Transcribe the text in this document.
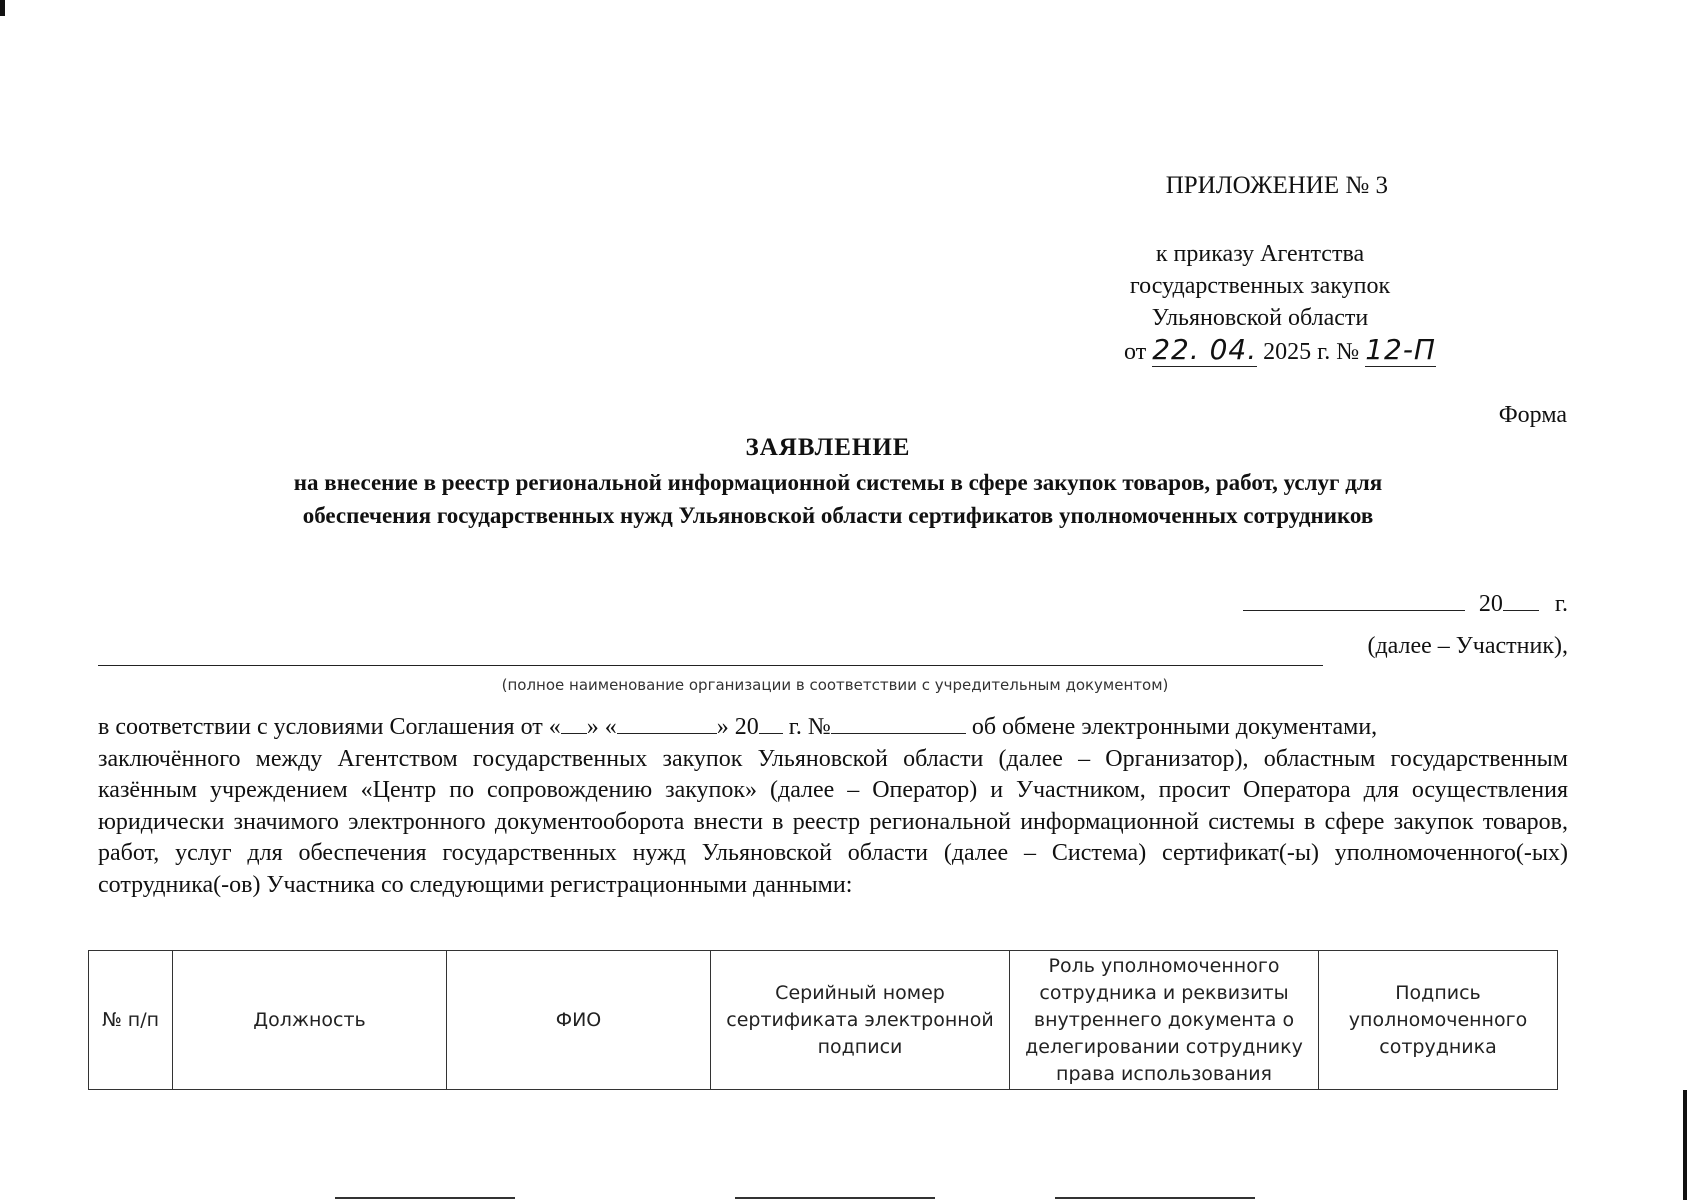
ПРИЛОЖЕНИЕ № 3
к приказу Агентства
государственных закупок
Ульяновской области
от 22. 04. 2025 г. № 12-П
Форма
ЗАЯВЛЕНИЕ
на внесение в реестр региональной информационной системы в сфере закупок товаров, работ, услуг для
обеспечения государственных нужд Ульяновской области сертификатов уполномоченных сотрудников
20 г.
(далее – Участник),
(полное наименование организации в соответствии с учредительным документом)
в соответствии с условиями Соглашения от « » «	» 20 г. №	об обмене электронными документами,
заключённого между Агентством государственных закупок Ульяновской области (далее – Организатор), областным государственным казённым учреждением «Центр по сопровождению закупок» (далее – Оператор) и Участником, просит Оператора для осуществления юридически значимого электронного документооборота внести в реестр региональной информационной системы в сфере закупок товаров, работ, услуг для обеспечения государственных нужд Ульяновской области (далее – Система) сертификат(-ы) уполномоченного(-ых) сотрудника(-ов) Участника со следующими регистрационными данными:
№ п/п	Должность	ФИО	Серийный номер сертификата электронной подписи	Роль уполномоченного сотрудника и реквизиты внутреннего документа о делегировании сотруднику права использования	Подпись уполномоченного сотрудника
